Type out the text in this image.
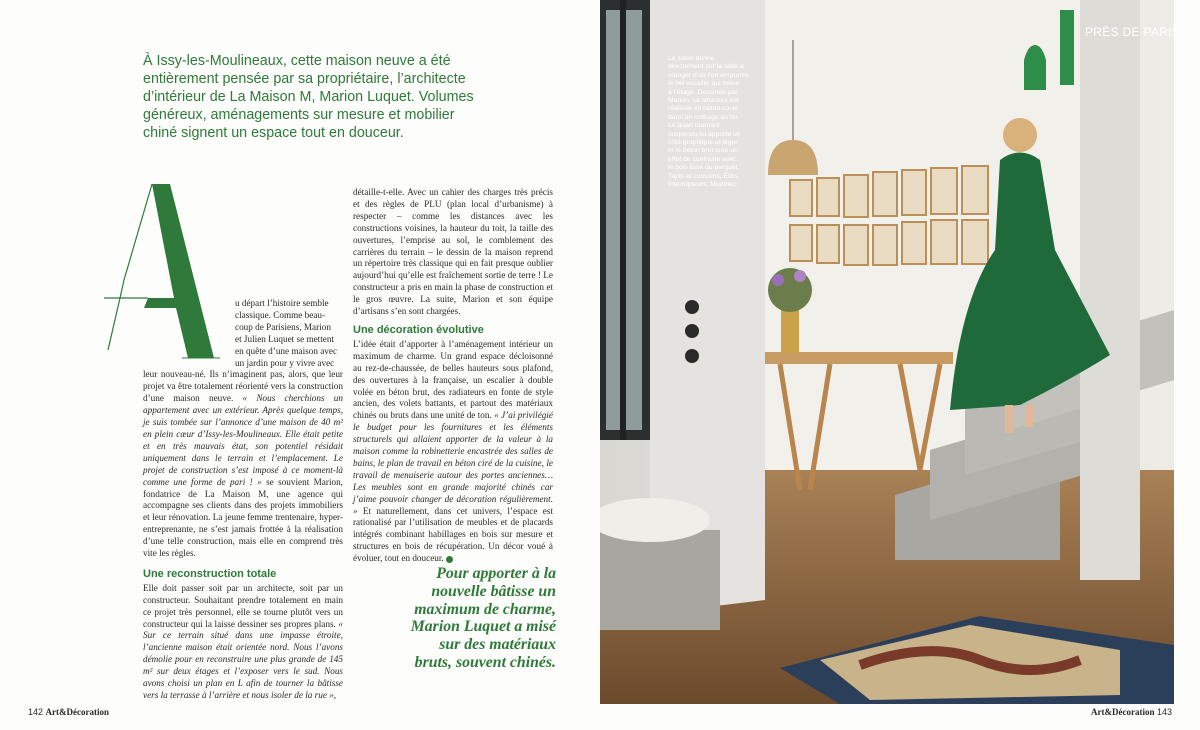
À Issy-les-Moulineaux, cette maison neuve a été
entièrement pensée par sa propriétaire, l’architecte
d’intérieur de La Maison M, Marion Luquet. Volumes
généreux, aménagements sur mesure et mobilier
chiné signent un espace tout en douceur.

u départ l’histoire semble
classique. Comme beau-
coup de Parisiens, Marion
et Julien Luquet se mettent
en quête d’une maison avec
un jardin pour y vivre avec

leur nouveau-né. Ils n’imaginent pas, alors, que leur projet va être totalement réorienté vers la construction d’une maison neuve. « Nous cherchions un appartement avec un extérieur. Après quelque temps, je suis tombée sur l’annonce d’une maison de 40 m² en plein cœur d’Issy-les-Moulineaux. Elle était petite et en très mauvais état, son potentiel résidait uniquement dans le terrain et l’emplacement. Le projet de construction s’est imposé à ce moment-là comme une forme de pari ! » se souvient Marion, fondatrice de La Maison M, une agence qui accompagne ses clients dans des projets immobiliers et leur rénovation. La jeune femme trentenaire, hyper-entreprenante, ne s’est jamais frottée à la réalisation d’une telle construction, mais elle en comprend très vite les règles.

Une reconstruction totale

Elle doit passer soit par un architecte, soit par un constructeur. Souhaitant prendre totalement en main ce projet très personnel, elle se tourne plutôt vers un constructeur qui la laisse dessiner ses propres plans. « Sur ce terrain situé dans une impasse étroite, l’ancienne maison était orientée nord. Nous l’avons démolie pour en reconstruire une plus grande de 145 m² sur deux étages et l’exposer vers le sud. Nous avons choisi un plan en L afin de tourner la bâtisse vers la terrasse à l’arrière et nous isoler de la rue »,

détaille-t-elle. Avec un cahier des charges très précis et des règles de PLU (plan local d’urbanisme) à respecter – comme les distances avec les constructions voisines, la hauteur du toit, la taille des ouvertures, l’emprise au sol, le comblement des carrières du terrain – le dessin de la maison reprend un répertoire très classique qui en fait presque oublier aujourd’hui qu’elle est fraîchement sortie de terre ! Le constructeur a pris en main la phase de construction et le gros œuvre. La suite, Marion et son équipe d’artisans s’en sont chargées.

Une décoration évolutive

L’idée était d’apporter à l’aménagement intérieur un maximum de charme. Un grand espace décloisonné au rez-de-chaussée, de belles hauteurs sous plafond, des ouvertures à la française, un escalier à double volée en béton brut, des radiateurs en fonte de style ancien, des volets battants, et partout des matériaux chinés ou bruts dans une unité de ton. « J’ai privilégié le budget pour les fournitures et les éléments structurels qui allaient apporter de la valeur à la maison comme la robinetterie encastrée des salles de bains, le plan de travail en béton ciré de la cuisine, le travail de menuiserie autour des portes anciennes… Les meubles sont en grande majorité chinés car j’aime pouvoir changer de décoration régulièrement. » Et naturellement, dans cet univers, l’espace est rationalisé par l’utilisation de meubles et de placards intégrés combinant habillages en bois sur mesure et structures en bois de récupération. Un décor voué à évoluer, tout en douceur.

Pour apporter à la
nouvelle bâtisse un
maximum de charme,
Marion Luquet a misé
sur des matériaux
bruts, souvent chinés.
142 Art&Décoration	Art&Décoration 143
Le salon donne
directement sur la salle à
manger d’où l’on emprunte
le bel escalier qui mène
à l’étage. Dessinée par
Marion, sa structure est
réalisée en béton coulé
dans un coffrage en fer.
Le quart tournant
suspendu lui apporte un
côté graphique et léger
et le béton brut crée un
effet de contraste avec
le bois lisse du parquet.
Tapis et coussins, Élitis.
Interrupteurs, Modelec.
PRÈS DE PARIS
